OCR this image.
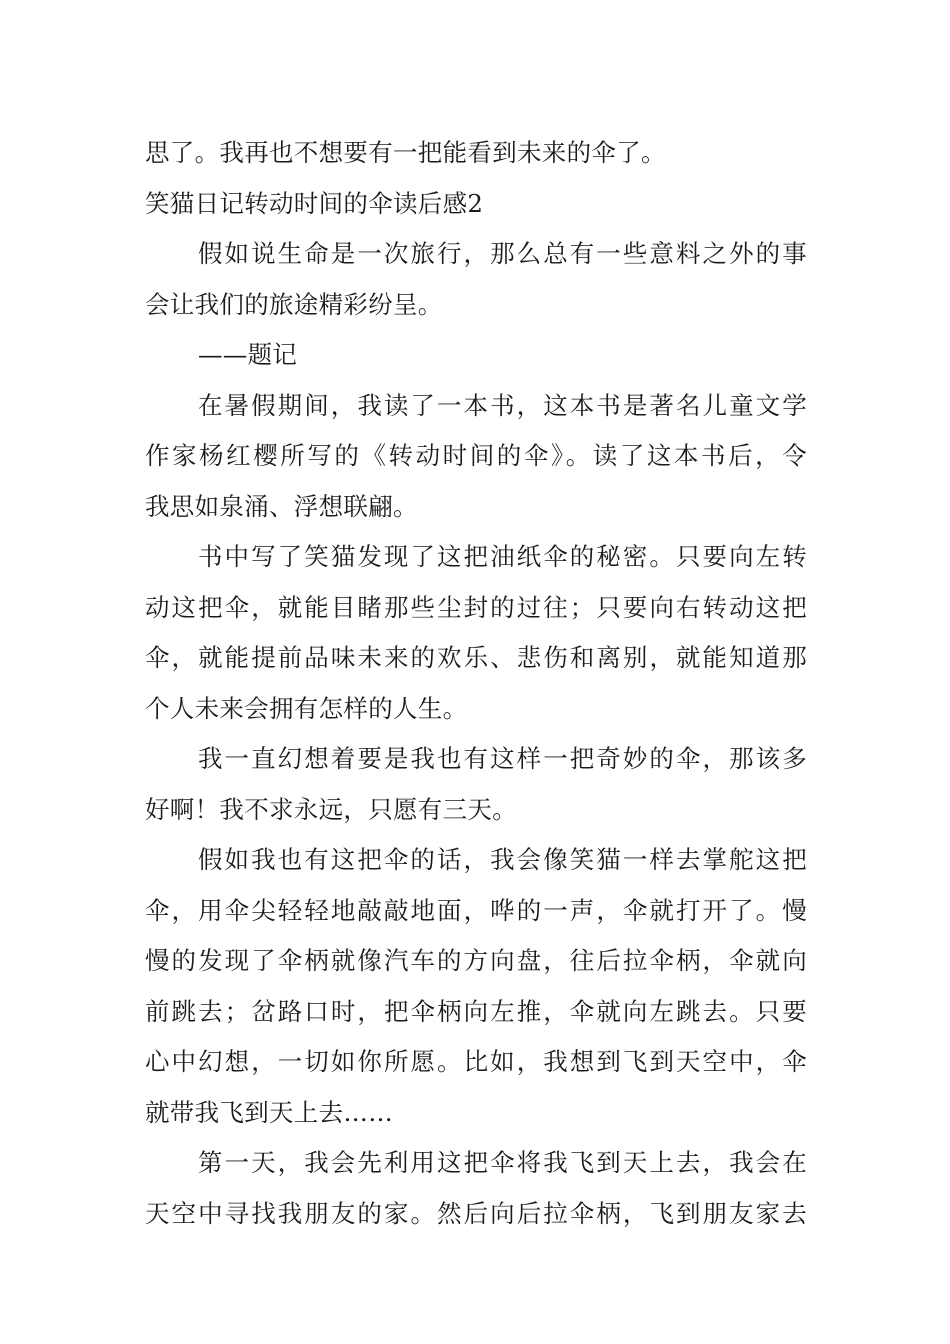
思了。我再也不想要有一把能看到未来的伞了。
笑猫日记转动时间的伞读后感2
假如说生命是一次旅行，那么总有一些意料之外的事
会让我们的旅途精彩纷呈。
——题记
在暑假期间，我读了一本书，这本书是著名儿童文学
作家杨红樱所写的《转动时间的伞》。读了这本书后，令
我思如泉涌、浮想联翩。
书中写了笑猫发现了这把油纸伞的秘密。只要向左转
动这把伞，就能目睹那些尘封的过往；只要向右转动这把
伞，就能提前品味未来的欢乐、悲伤和离别，就能知道那
个人未来会拥有怎样的人生。
我一直幻想着要是我也有这样一把奇妙的伞，那该多
好啊！我不求永远，只愿有三天。
假如我也有这把伞的话，我会像笑猫一样去掌舵这把
伞，用伞尖轻轻地敲敲地面，哗的一声，伞就打开了。慢
慢的发现了伞柄就像汽车的方向盘，往后拉伞柄，伞就向
前跳去；岔路口时，把伞柄向左推，伞就向左跳去。只要
心中幻想，一切如你所愿。比如，我想到飞到天空中，伞
就带我飞到天上去……
第一天，我会先利用这把伞将我飞到天上去，我会在
天空中寻找我朋友的家。然后向后拉伞柄，飞到朋友家去
